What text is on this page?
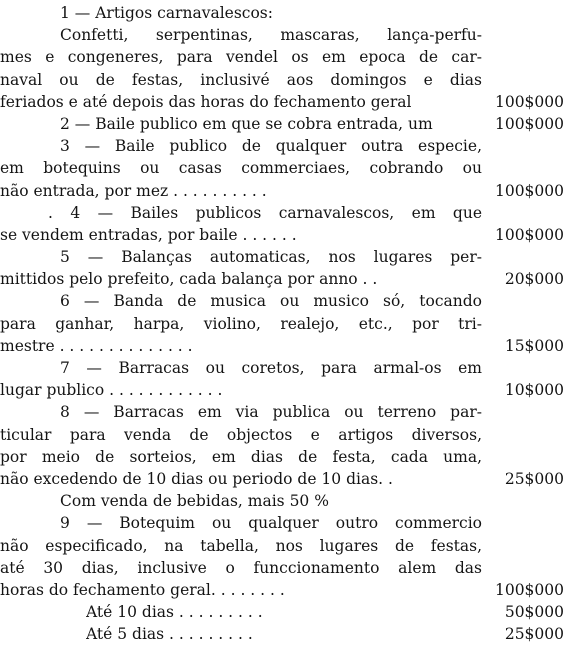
1 — Artigos carnavalescos:
Confetti, serpentinas, mascaras, lança-perfu-
mes e congeneres, para vendel os em epoca de car-
naval ou de festas, inclusivé aos domingos e dias
feriados e até depois das horas do fechamento geral	100$000
2 — Baile publico em que se cobra entrada, um	100$000
3 — Baile publico de qualquer outra especie,
em botequins ou casas commerciaes, cobrando ou
não entrada, por mez . . . . . . . . . .	100$000
. 4 — Bailes publicos carnavalescos, em que
se vendem entradas, por baile . . . . . .	100$000
5 — Balanças automaticas, nos lugares per-
mittidos pelo prefeito, cada balança por anno . .	20$000
6 — Banda de musica ou musico só, tocando
para ganhar, harpa, violino, realejo, etc., por tri-
mestre . . . . . . . . . . . . . .	15$000
7 — Barracas ou coretos, para armal-os em
lugar publico . . . . . . . . . . . .	10$000
8 — Barracas em via publica ou terreno par-
ticular para venda de objectos e artigos diversos,
por meio de sorteios, em dias de festa, cada uma,
não excedendo de 10 dias ou periodo de 10 dias. .	25$000
Com venda de bebidas, mais 50 %
9 — Botequim ou qualquer outro commercio
não especificado, na tabella, nos lugares de festas,
até 30 dias, inclusive o funccionamento alem das
horas do fechamento geral. . . . . . . .	100$000
Até 10 dias . . . . . . . . .	50$000
Até 5 dias . . . . . . . . .	25$000
